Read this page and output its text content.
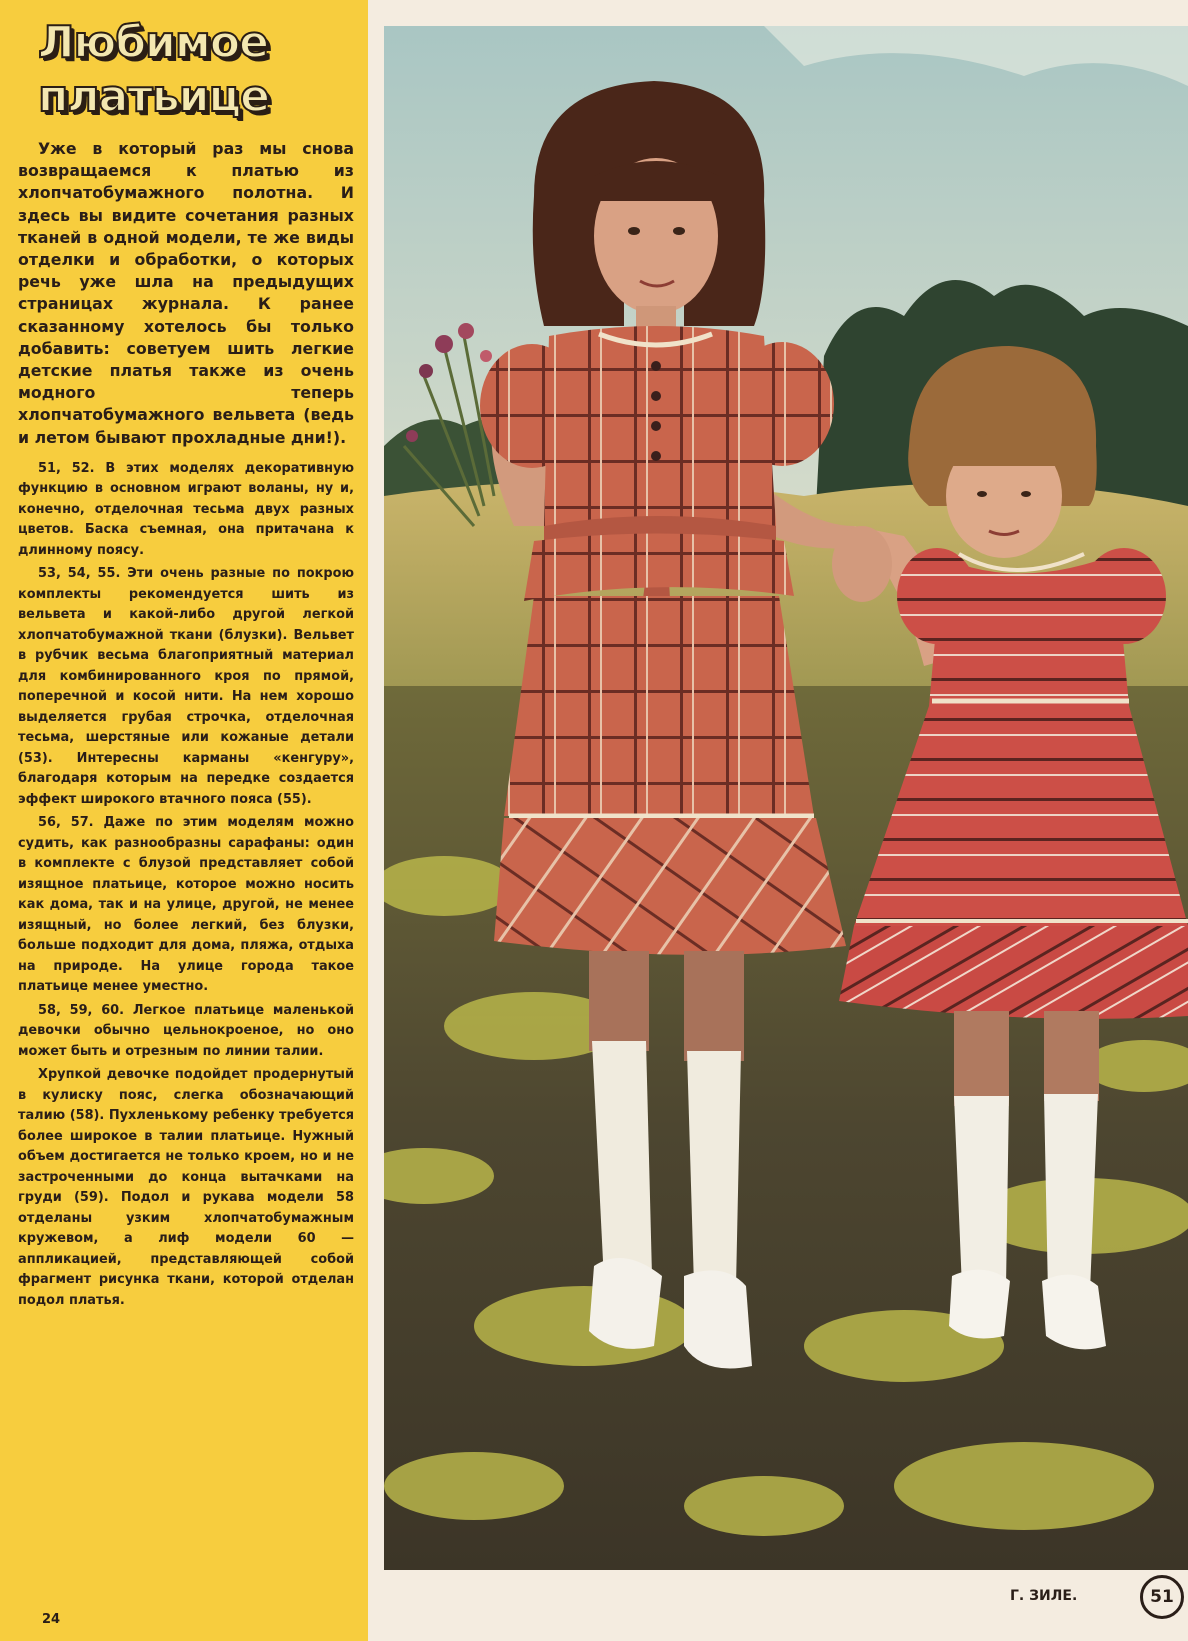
Любимое
платьице

Уже в который раз мы снова возвращаемся к платью из хлопчатобумажного полотна. И здесь вы видите сочетания разных тканей в одной модели, те же виды отделки и обработки, о которых речь уже шла на предыдущих страницах журнала. К ранее сказанному хотелось бы только добавить: советуем шить легкие детские платья также из очень модного теперь хлопчатобумажного вельвета (ведь и летом бывают прохладные дни!).

51, 52. В этих моделях декоративную функцию в основном играют воланы, ну и, конечно, отделочная тесьма двух разных цветов. Баска съемная, она притачана к длинному поясу.

53, 54, 55. Эти очень разные по покрою комплекты рекомендуется шить из вельвета и какой-либо другой легкой хлопчатобумажной ткани (блузки). Вельвет в рубчик весьма благоприятный материал для комбинированного кроя по прямой, поперечной и косой нити. На нем хорошо выделяется грубая строчка, отделочная тесьма, шерстяные или кожаные детали (53). Интересны карманы «кенгуру», благодаря которым на передке создается эффект широкого втачного пояса (55).

56, 57. Даже по этим моделям можно судить, как разнообразны сарафаны: один в комплекте с блузой представляет собой изящное платьице, которое можно носить как дома, так и на улице, другой, не менее изящный, но более легкий, без блузки, больше подходит для дома, пляжа, отдыха на природе. На улице города такое платьице менее уместно.

58, 59, 60. Легкое платьице маленькой девочки обычно цельнокроеное, но оно может быть и отрезным по линии талии.

Хрупкой девочке подойдет продернутый в кулиску пояс, слегка обозначающий талию (58). Пухленькому ребенку требуется более широкое в талии платьице. Нужный объем достигается не только кроем, но и не застроченными до конца вытачками на груди (59). Подол и рукава модели 58 отделаны узким хлопчатобумажным кружевом, а лиф модели 60 — аппликацией, представляющей собой фрагмент рисунка ткани, которой отделан подол платья.

24
Г. ЗИЛЕ.	51
